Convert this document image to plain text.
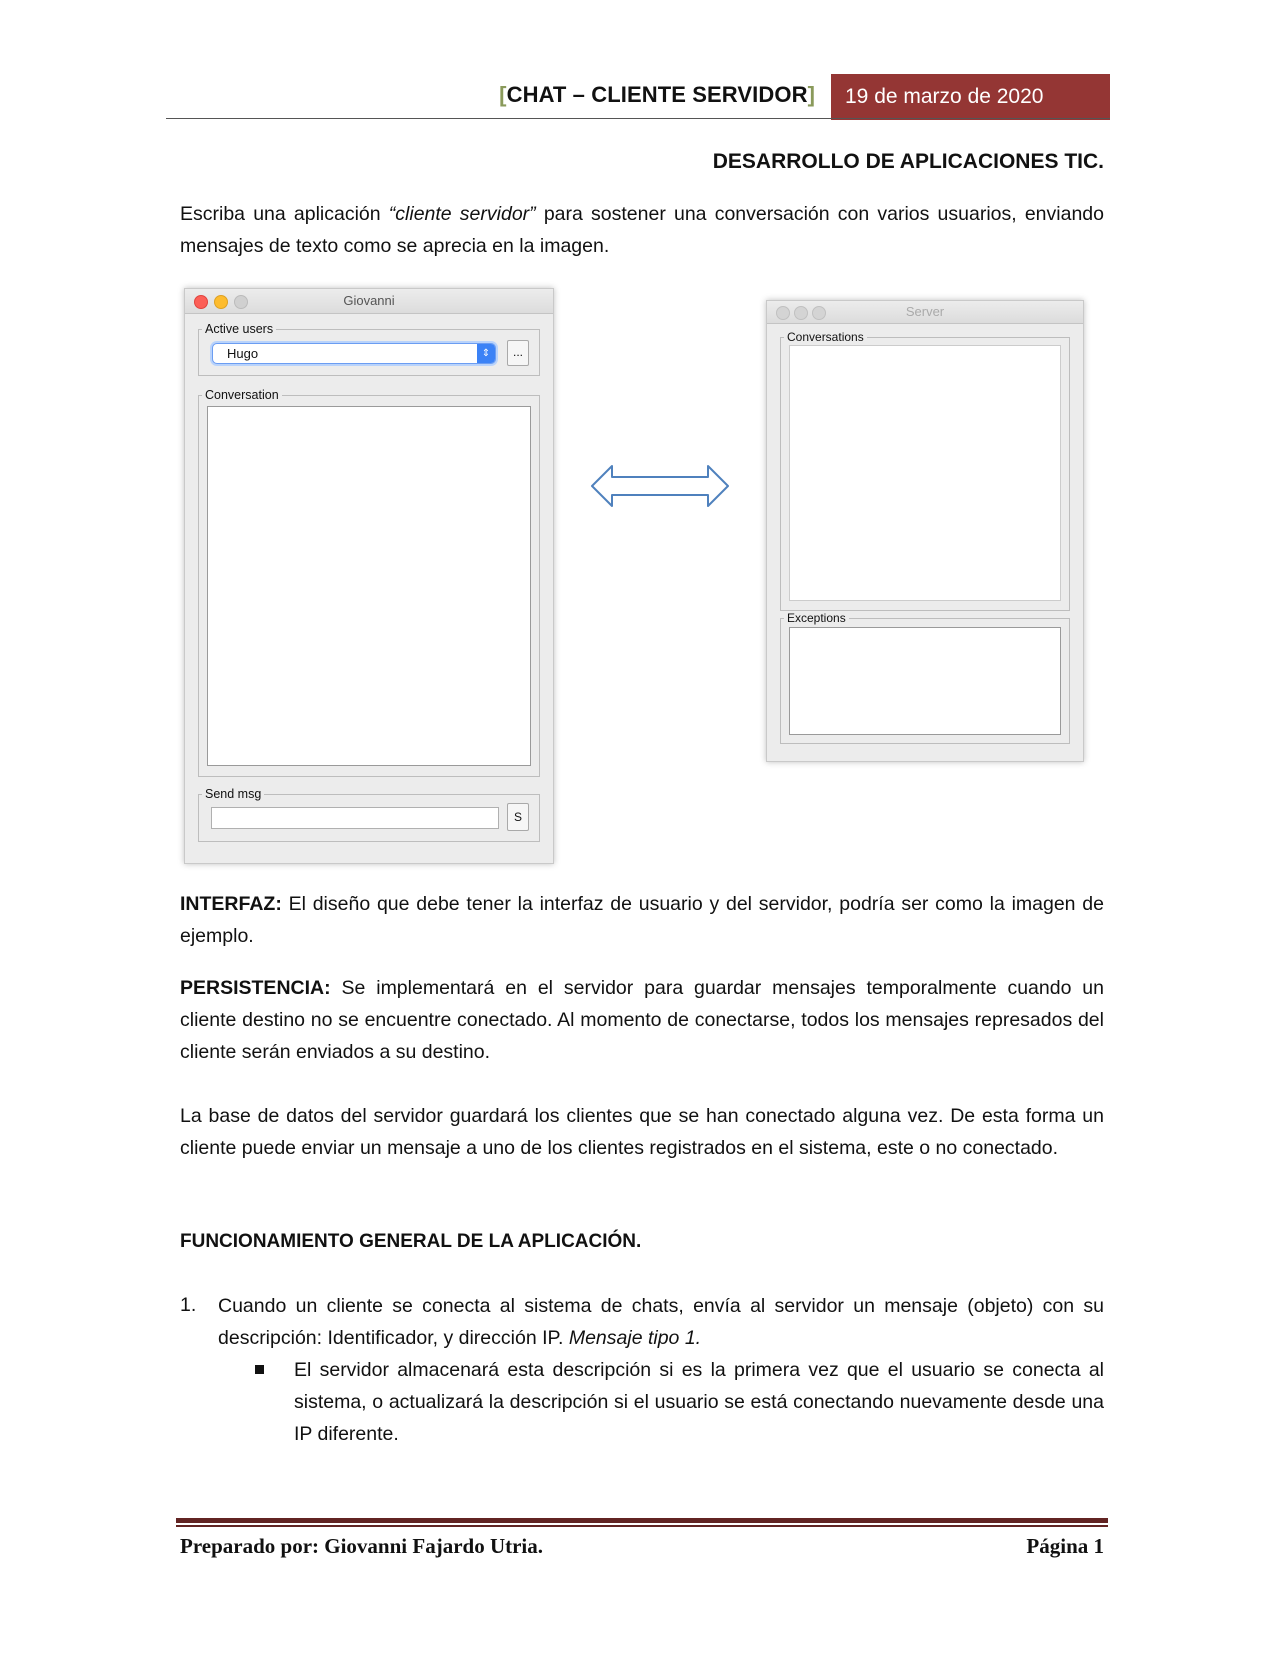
[CHAT – CLIENTE SERVIDOR]	19 de marzo de 2020
DESARROLLO DE APLICACIONES TIC.
Escriba una aplicación “cliente servidor” para sostener una conversación con varios usuarios, enviando mensajes de texto como se aprecia en la imagen.
Giovanni
Active users
Hugo	⇕	...
Conversation
Send msg
S
Server
Conversations
Exceptions
INTERFAZ: El diseño que debe tener la interfaz de usuario y del servidor, podría ser como la imagen de ejemplo.
PERSISTENCIA: Se implementará en el servidor para guardar mensajes temporalmente cuando un cliente destino no se encuentre conectado. Al momento de conectarse, todos los mensajes represados del cliente serán enviados a su destino.
La base de datos del servidor guardará los clientes que se han conectado alguna vez. De esta forma un cliente puede enviar un mensaje a uno de los clientes registrados en el sistema, este o no conectado.
FUNCIONAMIENTO GENERAL DE LA APLICACIÓN.
1. Cuando un cliente se conecta al sistema de chats, envía al servidor un mensaje (objeto) con su descripción: Identificador, y dirección IP. Mensaje tipo 1.
El servidor almacenará esta descripción si es la primera vez que el usuario se conecta al sistema, o actualizará la descripción si el usuario se está conectando nuevamente desde una IP diferente.
Preparado por: Giovanni Fajardo Utria.	Página 1
